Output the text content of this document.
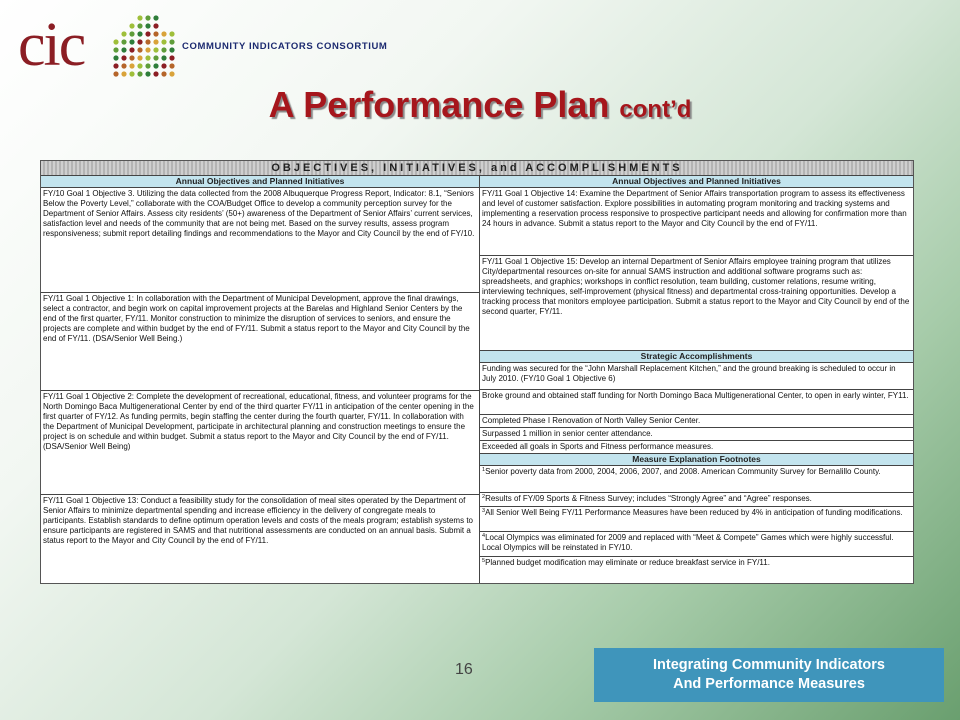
cic	COMMUNITY INDICATORS CONSORTIUM
A Performance Plan cont’d
OBJECTIVES, INITIATIVES, and ACCOMPLISHMENTS
Annual Objectives and Planned Initiatives
FY/10 Goal 1 Objective 3. Utilizing the data collected from the 2008 Albuquerque Progress Report, Indicator: 8.1, “Seniors Below the Poverty Level,” collaborate with the COA/Budget Office to develop a community perception survey for the Department of Senior Affairs. Assess city residents’ (50+) awareness of the Department of Senior Affairs’ current services, satisfaction level and needs of the community that are not being met. Based on the survey results, assess program responsiveness; submit report detailing findings and recommendations to the Mayor and City Council by the end of FY/10.
FY/11 Goal 1 Objective 1: In collaboration with the Department of Municipal Development, approve the final drawings, select a contractor, and begin work on capital improvement projects at the Barelas and Highland Senior Centers by the end of the first quarter, FY/11. Monitor construction to minimize the disruption of services to seniors, and ensure the projects are complete and within budget by the end of FY/11. Submit a status report to the Mayor and City Council by the end of FY/11. (DSA/Senior Well Being.)
FY/11 Goal 1 Objective 2: Complete the development of recreational, educational, fitness, and volunteer programs for the North Domingo Baca Multigenerational Center by end of the third quarter FY/11 in anticipation of the center opening in the first quarter of FY/12. As funding permits, begin staffing the center during the fourth quarter, FY/11. In collaboration with the Department of Municipal Development, participate in architectural planning and construction meetings to ensure the project is on schedule and within budget. Submit a status report to the Mayor and City Council by the end of FY/11. (DSA/Senior Well Being)
FY/11 Goal 1 Objective 13: Conduct a feasibility study for the consolidation of meal sites operated by the Department of Senior Affairs to minimize departmental spending and increase efficiency in the delivery of congregate meals to participants. Establish standards to define optimum operation levels and costs of the meals program; establish systems to ensure participants are registered in SAMS and that nutritional assessments are conducted on an annual basis. Submit a status report to the Mayor and City Council by the end of FY/11.
Annual Objectives and Planned Initiatives
FY/11 Goal 1 Objective 14: Examine the Department of Senior Affairs transportation program to assess its effectiveness and level of customer satisfaction. Explore possibilities in automating program monitoring and tracking systems and implementing a reservation process responsive to prospective participant needs and allowing for confirmation more than 24 hours in advance. Submit a status report to the Mayor and City Council by the end of FY/11.
FY/11 Goal 1 Objective 15: Develop an internal Department of Senior Affairs employee training program that utilizes City/departmental resources on-site for annual SAMS instruction and additional software programs such as: spreadsheets, and graphics; workshops in conflict resolution, team building, customer relations, resume writing, interviewing techniques, self-improvement (physical fitness) and departmental cross-training opportunities. Develop a tracking process that monitors employee participation. Submit a status report to the Mayor and City Council by end of the second quarter, FY/11.
Strategic Accomplishments
Funding was secured for the “John Marshall Replacement Kitchen,” and the ground breaking is scheduled to occur in July 2010. (FY/10 Goal 1 Objective 6)
Broke ground and obtained staff funding for North Domingo Baca Multigenerational Center, to open in early winter, FY11.
Completed Phase I Renovation of North Valley Senior Center.
Surpassed 1 million in senior center attendance.
Exceeded all goals in Sports and Fitness performance measures.
Measure Explanation Footnotes
$^1$Senior poverty data from 2000, 2004, 2006, 2007, and 2008. American Community Survey for Bernalillo County.
$^2$Results of FY/09 Sports & Fitness Survey; includes “Strongly Agree” and “Agree” responses.
$^3$All Senior Well Being FY/11 Performance Measures have been reduced by 4% in anticipation of funding modifications.
$^4$Local Olympics was eliminated for 2009 and replaced with “Meet & Compete” Games which were highly successful. Local Olympics will be reinstated in FY/10.
$^5$Planned budget modification may eliminate or reduce breakfast service in FY/11.
16	Integrating Community Indicators
And Performance Measures
